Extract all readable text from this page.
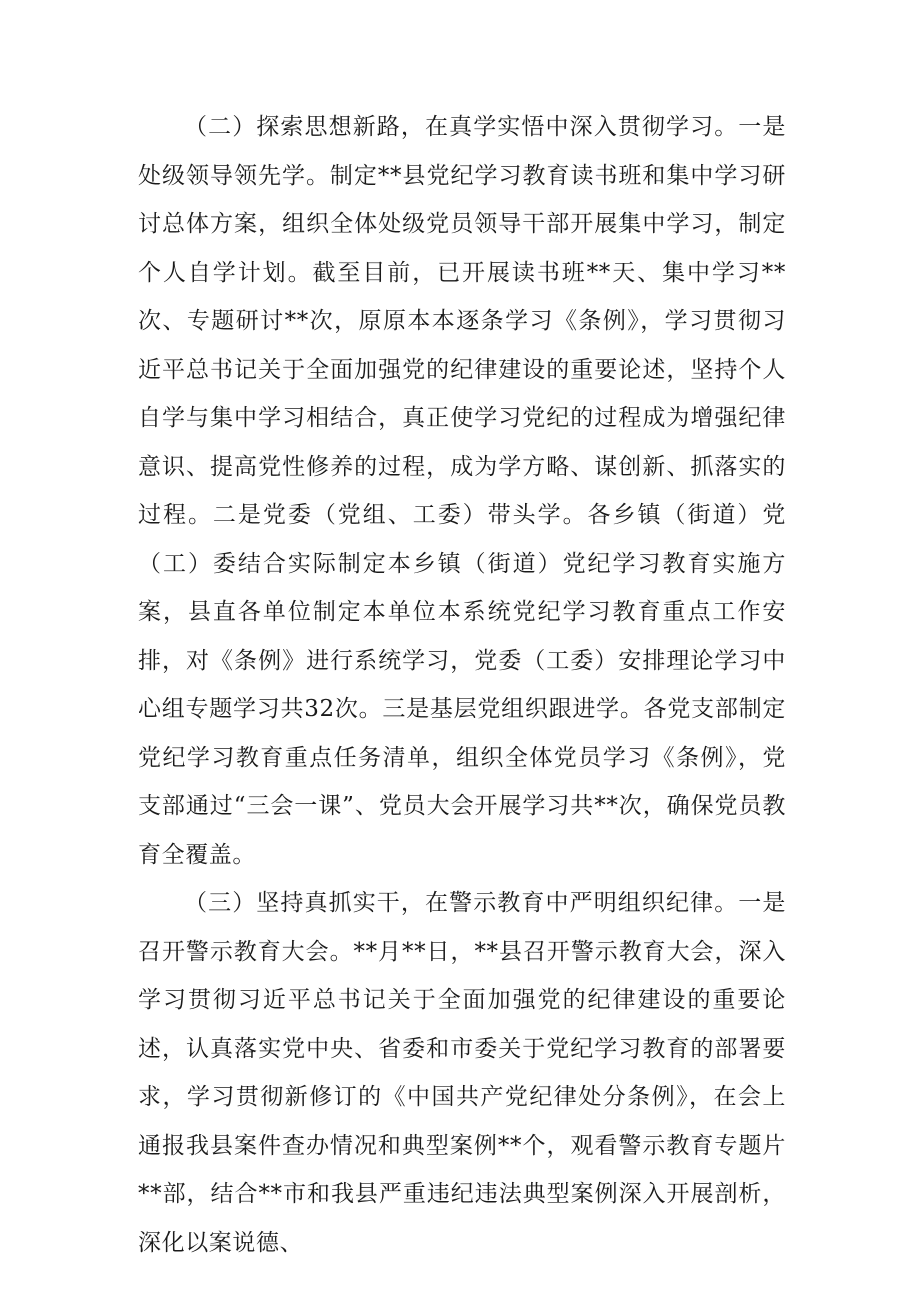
（二）探索思想新路，在真学实悟中深入贯彻学习。一是处级领导领先学。制定**县党纪学习教育读书班和集中学习研讨总体方案，组织全体处级党员领导干部开展集中学习，制定个人自学计划。截至目前，已开展读书班**天、集中学习**次、专题研讨**次，原原本本逐条学习《条例》，学习贯彻习近平总书记关于全面加强党的纪律建设的重要论述，坚持个人自学与集中学习相结合，真正使学习党纪的过程成为增强纪律意识、提高党性修养的过程，成为学方略、谋创新、抓落实的过程。二是党委（党组、工委）带头学。各乡镇（街道）党（工）委结合实际制定本乡镇（街道）党纪学习教育实施方案，县直各单位制定本单位本系统党纪学习教育重点工作安排，对《条例》进行系统学习，党委（工委）安排理论学习中心组专题学习共32次。三是基层党组织跟进学。各党支部制定党纪学习教育重点任务清单，组织全体党员学习《条例》，党支部通过“三会一课”、党员大会开展学习共**次，确保党员教育全覆盖。

（三）坚持真抓实干，在警示教育中严明组织纪律。一是召开警示教育大会。**月**日，**县召开警示教育大会，深入学习贯彻习近平总书记关于全面加强党的纪律建设的重要论述，认真落实党中央、省委和市委关于党纪学习教育的部署要求，学习贯彻新修订的《中国共产党纪律处分条例》，在会上通报我县案件查办情况和典型案例**个，观看警示教育专题片**部，结合**市和我县严重违纪违法典型案例深入开展剖析，深化以案说德、
